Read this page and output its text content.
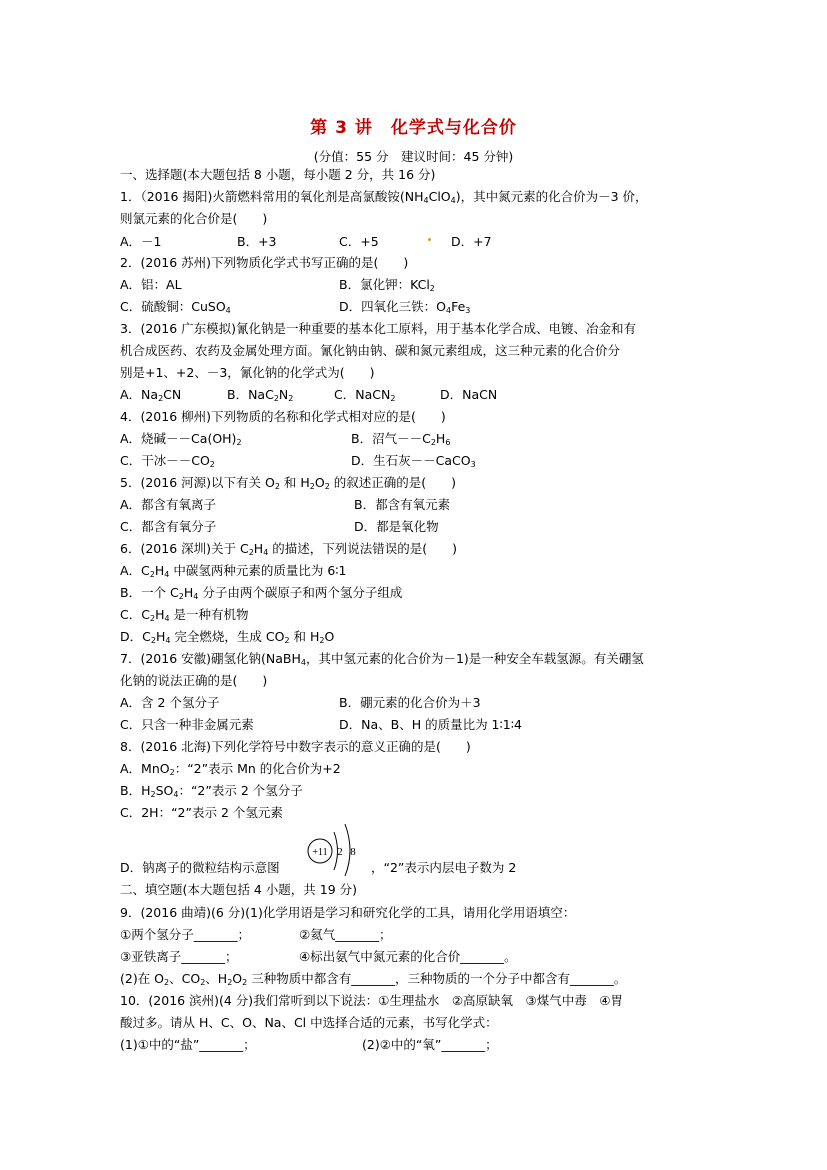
第 3 讲　化学式与化合价
(分值：55 分　建议时间：45 分钟)
一、选择题(本大题包括 8 小题，每小题 2 分，共 16 分)
1．（2016 揭阳)火箭燃料常用的氧化剂是高氯酸铵$(NH_4ClO_4)$，其中氮元素的化合价为－3 价，
则氯元素的化合价是(　　)
A．－1	B．+3	C．+5	D．+7
2．(2016 苏州)下列物质化学式书写正确的是(　　)
A．铝：AL	B．氯化钾：KCl$_2$
C．硫酸铜：CuSO$_4$	D．四氧化三铁：$O_4Fe_3$
3．(2016 广东模拟)氰化钠是一种重要的基本化工原料，用于基本化学合成、电镀、冶金和有
机合成医药、农药及金属处理方面。氰化钠由钠、碳和氮元素组成，这三种元素的化合价分
别是+1、+2、－3，氰化钠的化学式为(　　)
A．$Na_2CN$	B．$NaC_2N_2$	C．NaCN$_2$	D．NaCN
4．(2016 柳州)下列物质的名称和化学式相对应的是(　　)
A．烧碱$--Ca(OH)_2$	B．沼气$--C_2H_6$
C．干冰$--CO_2$	D．生石灰－－CaCO$_3$
5．(2016 河源)以下有关 $O_2$ 和 $H_2O_2$ 的叙述正确的是(　　)
A．都含有氧离子	B．都含有氧元素
C．都含有氧分子	D．都是氧化物
6．(2016 深圳)关于 $C_2H_4$ 的描述，下列说法错误的是(　　)
A．$C_2H_4$ 中碳氢两种元素的质量比为 6∶1
B．一个 $C_2H_4$ 分子由两个碳原子和两个氢分子组成
C．$C_2H_4$ 是一种有机物
D．$C_2H_4$ 完全燃烧，生成 $CO_2$ 和 $H_2O$
7．(2016 安徽)硼氢化钠(NaBH$_4$，其中氢元素的化合价为－1)是一种安全车载氢源。有关硼氢
化钠的说法正确的是(　　)
A．含 2 个氢分子	B．硼元素的化合价为＋3
C．只含一种非金属元素	D．Na、B、H 的质量比为 1∶1∶4
8．(2016 北海)下列化学符号中数字表示的意义正确的是(　　)
A．MnO$_2$：“2”表示 Mn 的化合价为+2
B．$H_2SO_4$：“2”表示 2 个氢分子
C．2H：“2”表示 2 个氢元素
+11 2 8
D．钠离子的微粒结构示意图	，“2”表示内层电子数为 2
二、填空题(本大题包括 4 小题，共 19 分)
9．(2016 曲靖)(6 分)(1)化学用语是学习和研究化学的工具，请用化学用语填空：
①两个氢分子_______；	②氦气_______；
③亚铁离子_______；	④标出氨气中氮元素的化合价_______。
(2)在 $O_2$、$CO_2$、$H_2O_2$ 三种物质中都含有_______，三种物质的一个分子中都含有_______。
10．(2016 滨州)(4 分)我们常听到以下说法：①生理盐水　②高原缺氧　③煤气中毒　④胃
酸过多。请从 H、C、O、Na、Cl 中选择合适的元素，书写化学式：
(1)①中的“盐”_______；	(2)②中的“氧”_______；
